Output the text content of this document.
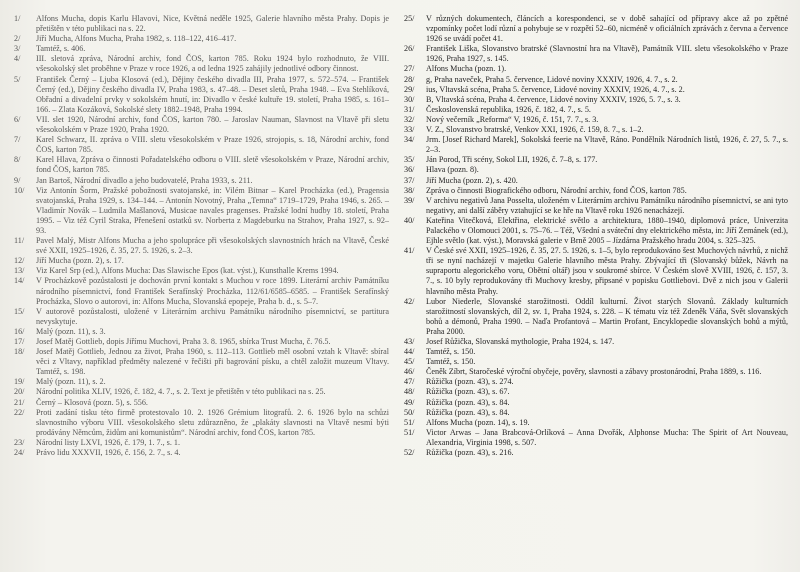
1/	Alfons Mucha, dopis Karlu Hlavovi, Nice, Květná neděle 1925, Galerie hlavního města Prahy. Dopis je přetištěn v této publikaci na s. 22.

2/	Jiří Mucha, Alfons Mucha, Praha 1982, s. 118–122, 416–417.

3/	Tamtéž, s. 406.

4/	III. sletová zpráva, Národní archiv, fond ČOS, karton 785. Roku 1924 bylo rozhodnuto, že VIII. všesokolský slet proběhne v Praze v roce 1926, a od ledna 1925 zahájily jednotlivé odbory činnost.

5/	František Černý – Ljuba Klosová (ed.), Dějiny českého divadla III, Praha 1977, s. 572–574. – František Černý (ed.), Dějiny českého divadla IV, Praha 1983, s. 47–48. – Deset sletů, Praha 1948. – Eva Stehlíková, Obřadní a divadelní prvky v sokolském hnutí, in: Divadlo v české kultuře 19. století, Praha 1985, s. 161–166. – Zlata Kozáková, Sokolské slety 1882–1948, Praha 1994.

6/	VII. slet 1920, Národní archiv, fond ČOS, karton 780. – Jaroslav Nauman, Slavnost na Vltavě při sletu všesokolském v Praze 1920, Praha 1920.

7/	Karel Schwarz, II. zpráva o VIII. sletu všesokolském v Praze 1926, strojopis, s. 18, Národní archiv, fond ČOS, karton 785.

8/	Karel Hlava, Zpráva o činnosti Pořadatelského odboru o VIII. sletě všesokolském v Praze, Národní archiv, fond ČOS, karton 785.

9/	Jan Bartoš, Národní divadlo a jeho budovatelé, Praha 1933, s. 211.

10/	Viz Antonín Šorm, Pražské pobožnosti svatojanské, in: Vilém Bitnar – Karel Procházka (ed.), Pragensia svatojanská, Praha 1929, s. 134–144. – Antonín Novotný, Praha „Temna“ 1719–1729, Praha 1946, s. 265. – Vladimír Novák – Ludmila Mašlanová, Musicae navales pragenses. Pražské lodní hudby 18. století, Praha 1995. – Viz též Cyril Straka, Přenešení ostatků sv. Norberta z Magdeburku na Strahov, Praha 1927, s. 92–93.

11/	Pavel Malý, Mistr Alfons Mucha a jeho spolupráce při všesokolských slavnostních hrách na Vltavě, České své XXII, 1925–1926, č. 35, 27. 5. 1926, s. 2–3.

12/	Jiří Mucha (pozn. 2), s. 17.

13/	Viz Karel Srp (ed.), Alfons Mucha: Das Slawische Epos (kat. výst.), Kunsthalle Krems 1994.

14/	V Procházkově pozůstalosti je dochován první kontakt s Muchou v roce 1899. Literární archiv Památníku národního písemnictví, fond František Serafínský Procházka, 112/61/6585–6585. – František Serafínský Procházka, Slovo o autorovi, in: Alfons Mucha, Slovanská epopeje, Praha b. d., s. 5–7.

15/	V autorově pozůstalosti, uložené v Literárním archivu Památníku národního písemnictví, se partitura nevyskytuje.

16/	Malý (pozn. 11), s. 3.

17/	Josef Matěj Gottlieb, dopis Jiřímu Muchovi, Praha 3. 8. 1965, sbírka Trust Mucha, č. 76.5.

18/	Josef Matěj Gottlieb, Jednou za život, Praha 1960, s. 112–113. Gottlieb měl osobní vztah k Vltavě: sbíral věci z Vltavy, například předměty nalezené v řečišti při bagrování písku, a chtěl založit muzeum Vltavy. Tamtéž, s. 198.

19/	Malý (pozn. 11), s. 2.

20/	Národní politika XLIV, 1926, č. 182, 4. 7., s. 2. Text je přetištěn v této publikaci na s. 25.

21/	Černý – Klosová (pozn. 5), s. 556.

22/	Proti zadání tisku této firmě protestovalo 10. 2. 1926 Grémium litografů. 2. 6. 1926 bylo na schůzi slavnostního výboru VIII. všesokolského sletu zdůrazněno, že „plakáty slavnosti na Vltavě nesmí býti prodávány Němcům, židům ani komunistům“. Národní archiv, fond ČOS, karton 785.

23/	Národní listy LXVI, 1926, č. 179, 1. 7., s. 1.

24/	Právo lidu XXXVII, 1926, č. 156, 2. 7., s. 4.

25/	V různých dokumentech, článcích a korespondenci, se v době sahající od přípravy akce až po zpětné vzpomínky počet lodí různí a pohybuje se v rozpětí 52–60, nicméně v oficiálních zprávách z června a července 1926 se uvádí počet 41.

26/	František Liška, Slovanstvo bratrské (Slavnostní hra na Vltavě), Památník VIII. sletu všesokolského v Praze 1926, Praha 1927, s. 145.

27/	Alfons Mucha (pozn. 1).

28/	g, Praha naveček, Praha 5. července, Lidové noviny XXXIV, 1926, 4. 7., s. 2.

29/	ius, Vltavská scéna, Praha 5. července, Lidové noviny XXXIV, 1926, 4. 7., s. 2.

30/	B, Vltavská scéna, Praha 4. července, Lidové noviny XXXIV, 1926, 5. 7., s. 3.

31/	Československá republika, 1926, č. 182, 4. 7., s. 5.

32/	Nový večerník „Reforma“ V, 1926, č. 151, 7. 7., s. 3.

33/	V. Z., Slovanstvo bratrské, Venkov XXI, 1926, č. 159, 8. 7., s. 1–2.

34/	Jrm. [Josef Richard Marek], Sokolská feerie na Vltavě, Ráno. Pondělník Národních listů, 1926, č. 27, 5. 7., s. 2–3.

35/	Ján Porod, Tři scény, Sokol LII, 1926, č. 7–8, s. 177.

36/	Hlava (pozn. 8).

37/	Jiří Mucha (pozn. 2), s. 420.

38/	Zpráva o činnosti Biografického odboru, Národní archiv, fond ČOS, karton 785.

39/	V archivu negativů Jana Posselta, uloženém v Literárním archivu Památníku národního písemnictví, se ani tyto negativy, ani další záběry vztahující se ke hře na Vltavě roku 1926 nenacházejí.

40/	Kateřina Vitečková, Elektřina, elektrické světlo a architektura, 1880–1940, diplomová práce, Univerzita Palackého v Olomouci 2001, s. 75–76. – Též, Všední a sváteční dny elektrického města, in: Jiří Zemánek (ed.), Ejhle světlo (kat. výst.), Moravská galerie v Brně 2005 – Jízdárna Pražského hradu 2004, s. 325–325.

41/	V České své XXII, 1925–1926, č. 35, 27. 5. 1926, s. 1–5, bylo reprodukováno šest Muchových návrhů, z nichž tři se nyní nacházejí v majetku Galerie hlavního města Prahy. Zbývající tři (Slovanský bůžek, Návrh na supraportu alegorického voru, Obětní oltář) jsou v soukromé sbírce. V Českém slově XVIII, 1926, č. 157, 3. 7., s. 10 byly reprodukovány tři Muchovy kresby, připsané v popisku Gottliebovi. Dvě z nich jsou v Galerii hlavního města Prahy.

42/	Lubor Niederle, Slovanské starožitnosti. Oddíl kulturní. Život starých Slovanů. Základy kulturních starožitností slovanských, díl 2, sv. 1, Praha 1924, s. 228. – K tématu víz též Zdeněk Váňa, Svět slovanských bohů a démonů, Praha 1990. – Naďa Profantová – Martin Profant, Encyklopedie slovanských bohů a mýtů, Praha 2000.

43/	Josef Růžička, Slovanská mythologie, Praha 1924, s. 147.

44/	Tamtéž, s. 150.

45/	Tamtéž, s. 150.

46/	Čeněk Zíbrt, Staročeské výroční obyčeje, pověry, slavnosti a zábavy prostonárodní, Praha 1889, s. 116.

47/	Růžička (pozn. 43), s. 274.

48/	Růžička (pozn. 43), s. 67.

49/	Růžička (pozn. 43), s. 84.

50/	Růžička (pozn. 43), s. 84.

51/	Alfons Mucha (pozn. 14), s. 19.

51/	Victor Arwas – Jana Brabcová-Orlíková – Anna Dvořák, Alphonse Mucha: The Spirit of Art Nouveau, Alexandria, Virginia 1998, s. 507.

52/	Růžička (pozn. 43), s. 216.
